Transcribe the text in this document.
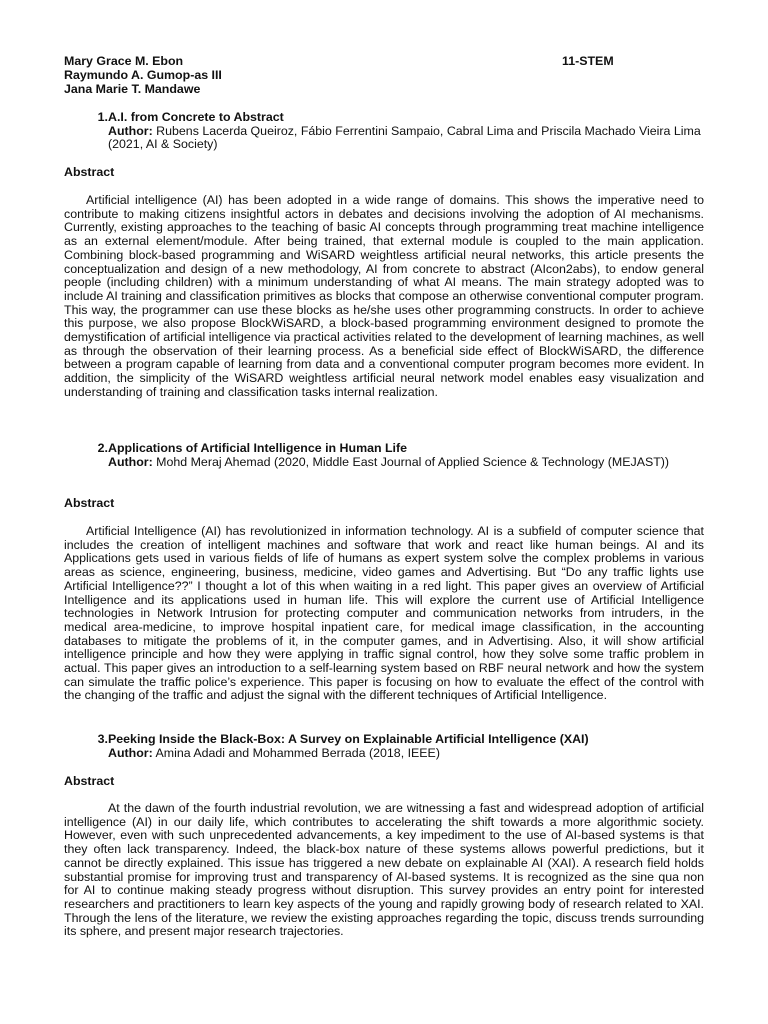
Mary Grace M. Ebon
Raymundo A. Gumop-as III
Jana Marie T. Mandawe
11-STEM
1. A.I. from Concrete to Abstract
Author: Rubens Lacerda Queiroz, Fábio Ferrentini Sampaio, Cabral Lima and Priscila Machado Vieira Lima (2021, AI & Society)
Abstract
Artificial intelligence (AI) has been adopted in a wide range of domains. This shows the imperative need to contribute to making citizens insightful actors in debates and decisions involving the adoption of AI mechanisms. Currently, existing approaches to the teaching of basic AI concepts through programming treat machine intelligence as an external element/module. After being trained, that external module is coupled to the main application. Combining block-based programming and WiSARD weightless artificial neural networks, this article presents the conceptualization and design of a new methodology, AI from concrete to abstract (AIcon2abs), to endow general people (including children) with a minimum understanding of what AI means. The main strategy adopted was to include AI training and classification primitives as blocks that compose an otherwise conventional computer program. This way, the programmer can use these blocks as he/she uses other programming constructs. In order to achieve this purpose, we also propose BlockWiSARD, a block-based programming environment designed to promote the demystification of artificial intelligence via practical activities related to the development of learning machines, as well as through the observation of their learning process. As a beneficial side effect of BlockWiSARD, the difference between a program capable of learning from data and a conventional computer program becomes more evident. In addition, the simplicity of the WiSARD weightless artificial neural network model enables easy visualization and understanding of training and classification tasks internal realization.
2. Applications of Artificial Intelligence in Human Life
Author: Mohd Meraj Ahemad (2020, Middle East Journal of Applied Science & Technology (MEJAST))
Abstract
Artificial Intelligence (AI) has revolutionized in information technology. AI is a subfield of computer science that includes the creation of intelligent machines and software that work and react like human beings. AI and its Applications gets used in various fields of life of humans as expert system solve the complex problems in various areas as science, engineering, business, medicine, video games and Advertising. But “Do any traffic lights use Artificial Intelligence??” I thought a lot of this when waiting in a red light. This paper gives an overview of Artificial Intelligence and its applications used in human life. This will explore the current use of Artificial Intelligence technologies in Network Intrusion for protecting computer and communication networks from intruders, in the medical area-medicine, to improve hospital inpatient care, for medical image classification, in the accounting databases to mitigate the problems of it, in the computer games, and in Advertising. Also, it will show artificial intelligence principle and how they were applying in traffic signal control, how they solve some traffic problem in actual. This paper gives an introduction to a self-learning system based on RBF neural network and how the system can simulate the traffic police’s experience. This paper is focusing on how to evaluate the effect of the control with the changing of the traffic and adjust the signal with the different techniques of Artificial Intelligence.
3. Peeking Inside the Black-Box: A Survey on Explainable Artificial Intelligence (XAI)
Author: Amina Adadi and Mohammed Berrada (2018, IEEE)
Abstract
At the dawn of the fourth industrial revolution, we are witnessing a fast and widespread adoption of artificial intelligence (AI) in our daily life, which contributes to accelerating the shift towards a more algorithmic society. However, even with such unprecedented advancements, a key impediment to the use of AI-based systems is that they often lack transparency. Indeed, the black-box nature of these systems allows powerful predictions, but it cannot be directly explained. This issue has triggered a new debate on explainable AI (XAI). A research field holds substantial promise for improving trust and transparency of AI-based systems. It is recognized as the sine qua non for AI to continue making steady progress without disruption. This survey provides an entry point for interested researchers and practitioners to learn key aspects of the young and rapidly growing body of research related to XAI. Through the lens of the literature, we review the existing approaches regarding the topic, discuss trends surrounding its sphere, and present major research trajectories.
